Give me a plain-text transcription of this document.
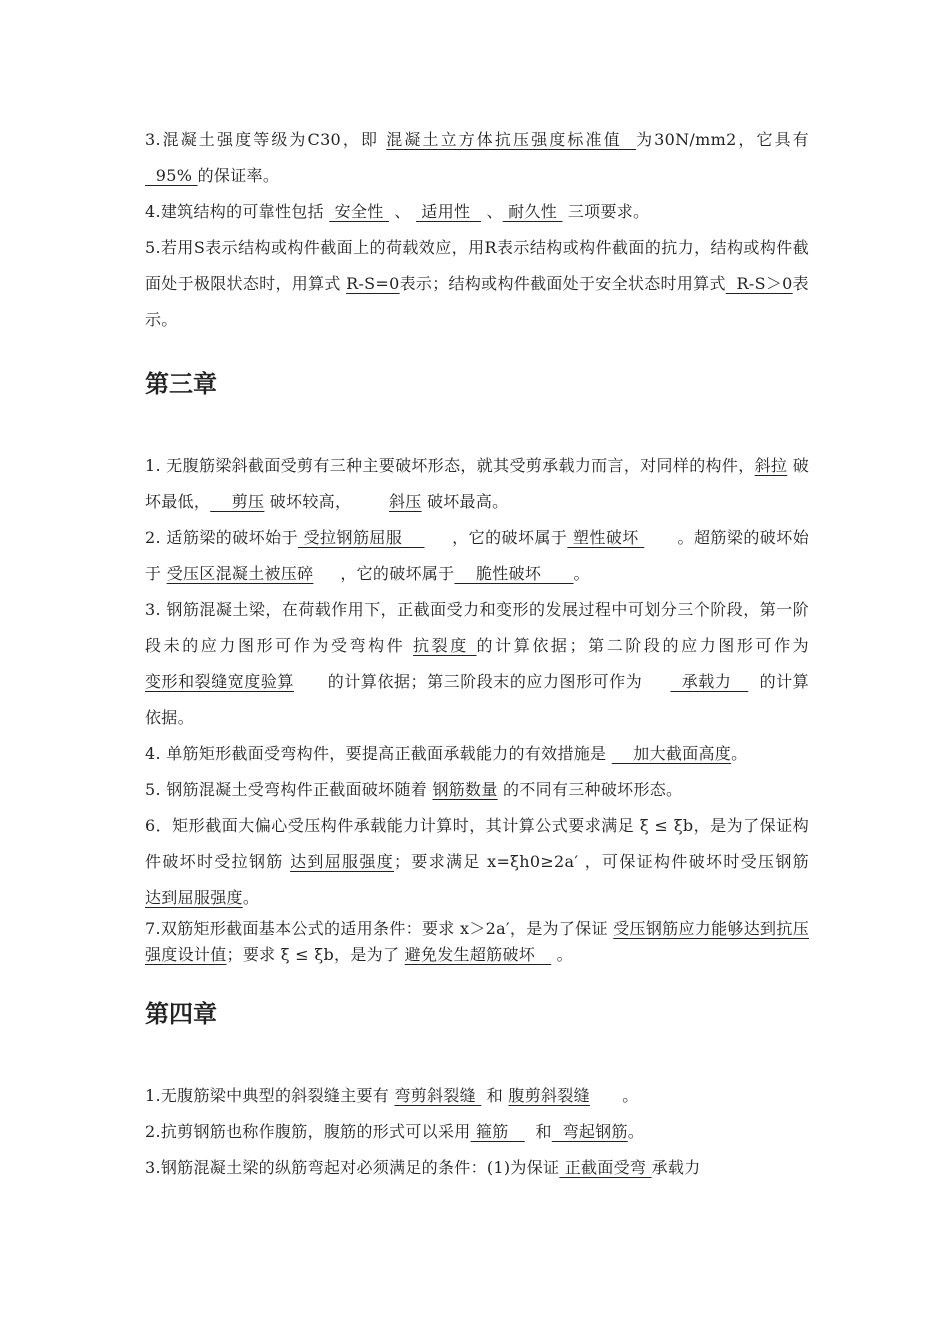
3.混凝土强度等级为C30，即 混凝土立方体抗压强度标准值  为30N/mm2，它具有   95% 的保证率。
4.建筑结构的可靠性包括  安全性  、  适用性   、 耐久性  三项要求。
5.若用S表示结构或构件截面上的荷载效应，用R表示结构或构件截面的抗力，结构或构件截面处于极限状态时，用算式 R-S=0表示；结构或构件截面处于安全状态时用算式  R-S＞0表示。
第三章
1. 无腹筋梁斜截面受剪有三种主要破坏形态，就其受剪承载力而言，对同样的构件，斜拉 破坏最低，    剪压 破坏较高，       斜压 破坏最高。
2. 适筋梁的破坏始于 受拉钢筋屈服         ，它的破坏属于 塑性破坏       。超筋梁的破坏始于 受压区混凝土被压碎     ，它的破坏属于    脆性破坏      。
3. 钢筋混凝土梁，在荷载作用下，正截面受力和变形的发展过程中可划分三个阶段，第一阶段未的应力图形可作为受弯构件 抗裂度 的计算依据；第二阶段的应力图形可作为 变形和裂缝宽度验算      的计算依据；第三阶段末的应力图形可作为       承载力     的计算依据。
4. 单筋矩形截面受弯构件，要提高正截面承载能力的有效措施是     加大截面高度。
5. 钢筋混凝土受弯构件正截面破坏随着 钢筋数量 的不同有三种破坏形态。
6．矩形截面大偏心受压构件承载能力计算时，其计算公式要求满足 ξ ≤ ξb，是为了保证构件破坏时受拉钢筋 达到屈服强度；要求满足 x=ξh0≥2a′ ，可保证构件破坏时受压钢筋 达到屈服强度。
7.双筋矩形截面基本公式的适用条件：要求 x＞2a′，是为了保证 受压钢筋应力能够达到抗压强度设计值；要求 ξ ≤ ξb，是为了 避免发生超筋破坏    。
第四章
1.无腹筋梁中典型的斜裂缝主要有 弯剪斜裂缝  和 腹剪斜裂缝      。
2.抗剪钢筋也称作腹筋，腹筋的形式可以采用 箍筋     和  弯起钢筋。
3.钢筋混凝土梁的纵筋弯起对必须满足的条件：(1)为保证 正截面受弯 承载力
